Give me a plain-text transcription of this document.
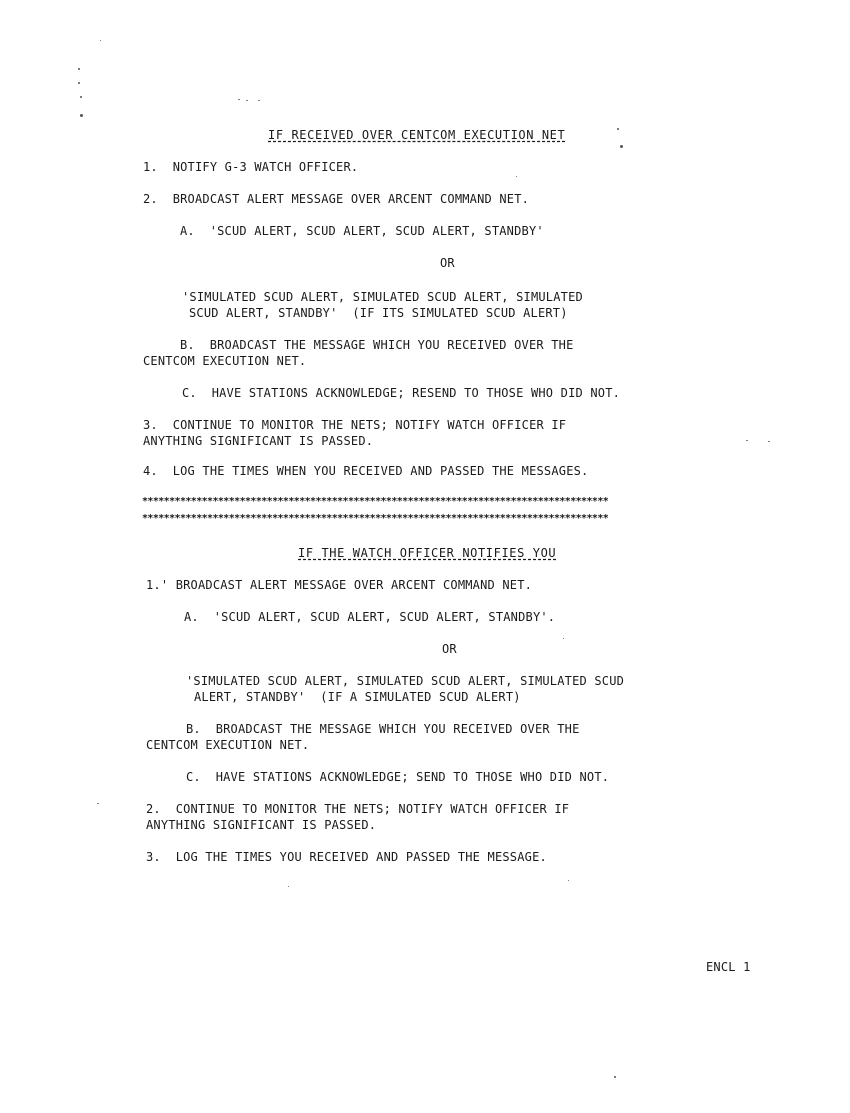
IF RECEIVED OVER CENTCOM EXECUTION NET
1.  NOTIFY G-3 WATCH OFFICER.
2.  BROADCAST ALERT MESSAGE OVER ARCENT COMMAND NET.
A.  'SCUD ALERT, SCUD ALERT, SCUD ALERT, STANDBY'
OR
'SIMULATED SCUD ALERT, SIMULATED SCUD ALERT, SIMULATED
SCUD ALERT, STANDBY'  (IF ITS SIMULATED SCUD ALERT)
B.  BROADCAST THE MESSAGE WHICH YOU RECEIVED OVER THE
CENTCOM EXECUTION NET.
C.  HAVE STATIONS ACKNOWLEDGE; RESEND TO THOSE WHO DID NOT.
3.  CONTINUE TO MONITOR THE NETS; NOTIFY WATCH OFFICER IF
ANYTHING SIGNIFICANT IS PASSED.
4.  LOG THE TIMES WHEN YOU RECEIVED AND PASSED THE MESSAGES.
**************************************************************************************
**************************************************************************************
IF THE WATCH OFFICER NOTIFIES YOU
1.' BROADCAST ALERT MESSAGE OVER ARCENT COMMAND NET.
A.  'SCUD ALERT, SCUD ALERT, SCUD ALERT, STANDBY'.
OR
'SIMULATED SCUD ALERT, SIMULATED SCUD ALERT, SIMULATED SCUD
ALERT, STANDBY'  (IF A SIMULATED SCUD ALERT)
B.  BROADCAST THE MESSAGE WHICH YOU RECEIVED OVER THE
CENTCOM EXECUTION NET.
C.  HAVE STATIONS ACKNOWLEDGE; SEND TO THOSE WHO DID NOT.
2.  CONTINUE TO MONITOR THE NETS; NOTIFY WATCH OFFICER IF
ANYTHING SIGNIFICANT IS PASSED.
3.  LOG THE TIMES YOU RECEIVED AND PASSED THE MESSAGE.
ENCL 1
